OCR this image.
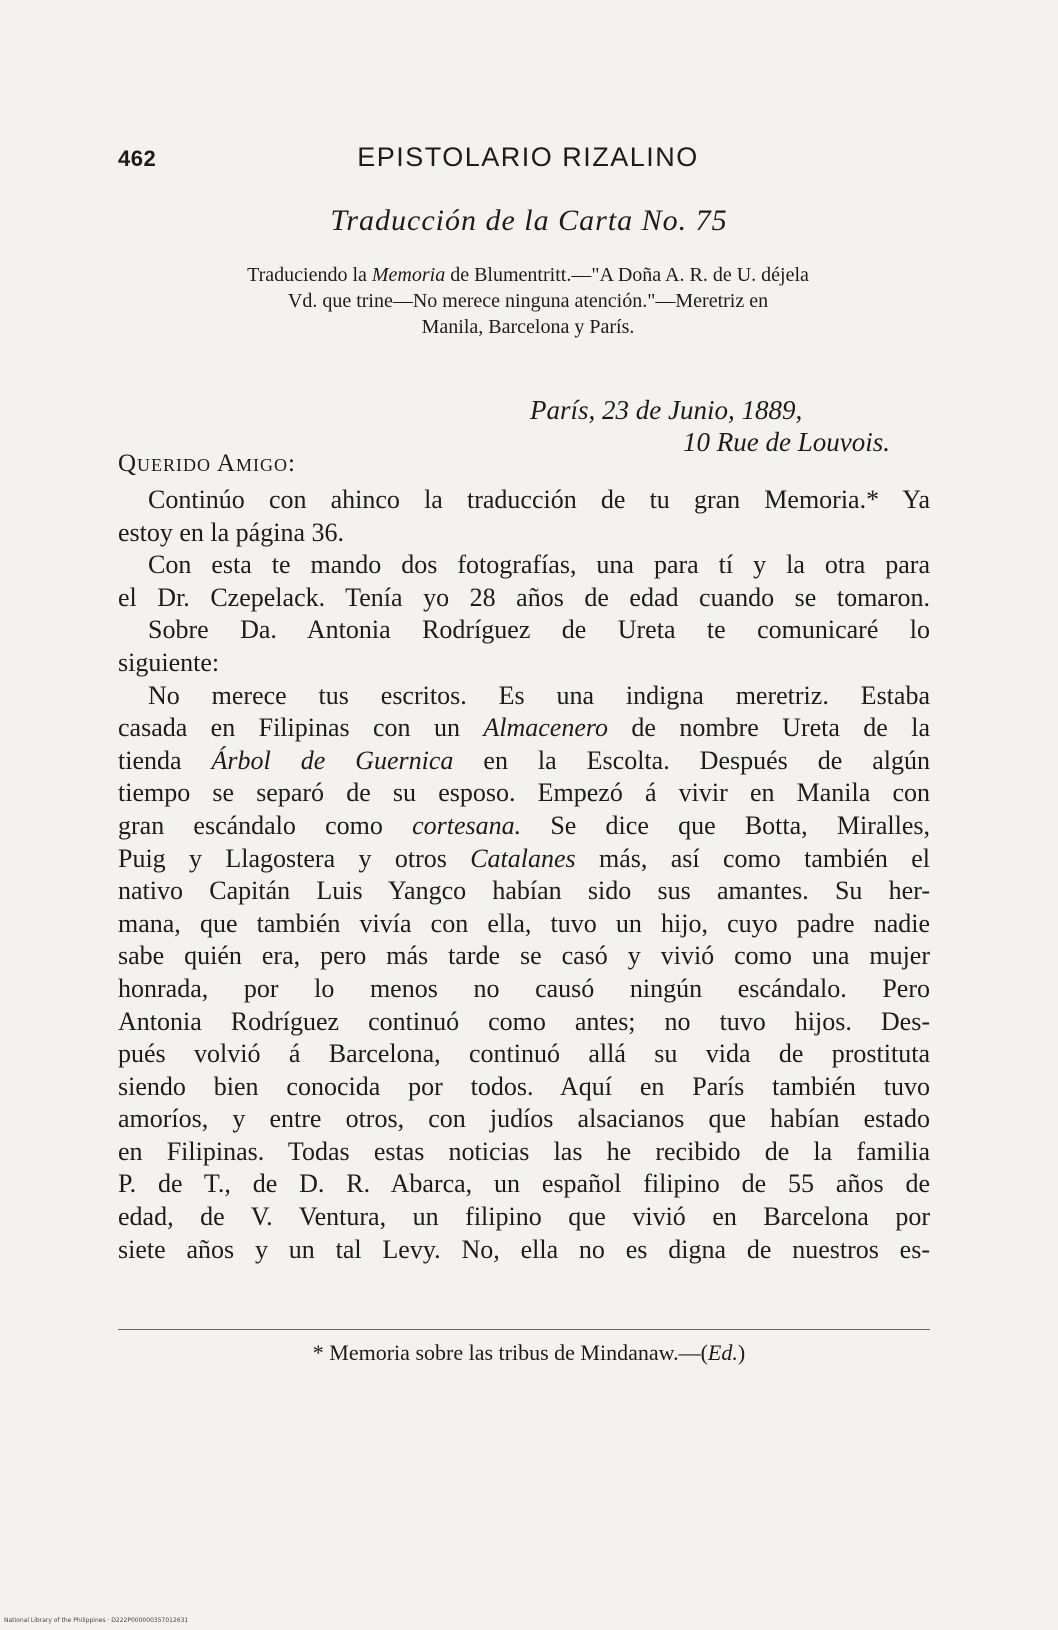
462	EPISTOLARIO RIZALINO
Traducción de la Carta No. 75
Traduciendo la Memoria de Blumentritt.—"A Doña A. R. de U. déjela
Vd. que trine—No merece ninguna atención."—Meretriz en
Manila, Barcelona y París.
París, 23 de Junio, 1889,
10 Rue de Louvois.
Querido Amigo:
Continúo con ahinco la traducción de tu gran Memoria.* Ya
estoy en la página 36.
Con esta te mando dos fotografías, una para tí y la otra para
el Dr. Czepelack. Tenía yo 28 años de edad cuando se tomaron.
Sobre Da. Antonia Rodríguez de Ureta te comunicaré lo
siguiente:
No merece tus escritos. Es una indigna meretriz. Estaba
casada en Filipinas con un Almacenero de nombre Ureta de la
tienda Árbol de Guernica en la Escolta. Después de algún
tiempo se separó de su esposo. Empezó á vivir en Manila con
gran escándalo como cortesana. Se dice que Botta, Miralles,
Puig y Llagostera y otros Catalanes más, así como también el
nativo Capitán Luis Yangco habían sido sus amantes. Su her-
mana, que también vivía con ella, tuvo un hijo, cuyo padre nadie
sabe quién era, pero más tarde se casó y vivió como una mujer
honrada, por lo menos no causó ningún escándalo. Pero
Antonia Rodríguez continuó como antes; no tuvo hijos. Des-
pués volvió á Barcelona, continuó allá su vida de prostituta
siendo bien conocida por todos. Aquí en París también tuvo
amoríos, y entre otros, con judíos alsacianos que habían estado
en Filipinas. Todas estas noticias las he recibido de la familia
P. de T., de D. R. Abarca, un español filipino de 55 años de
edad, de V. Ventura, un filipino que vivió en Barcelona por
siete años y un tal Levy. No, ella no es digna de nuestros es-
* Memoria sobre las tribus de Mindanaw.—(Ed.)
National Library of the Philippines · D222P000000357012631
